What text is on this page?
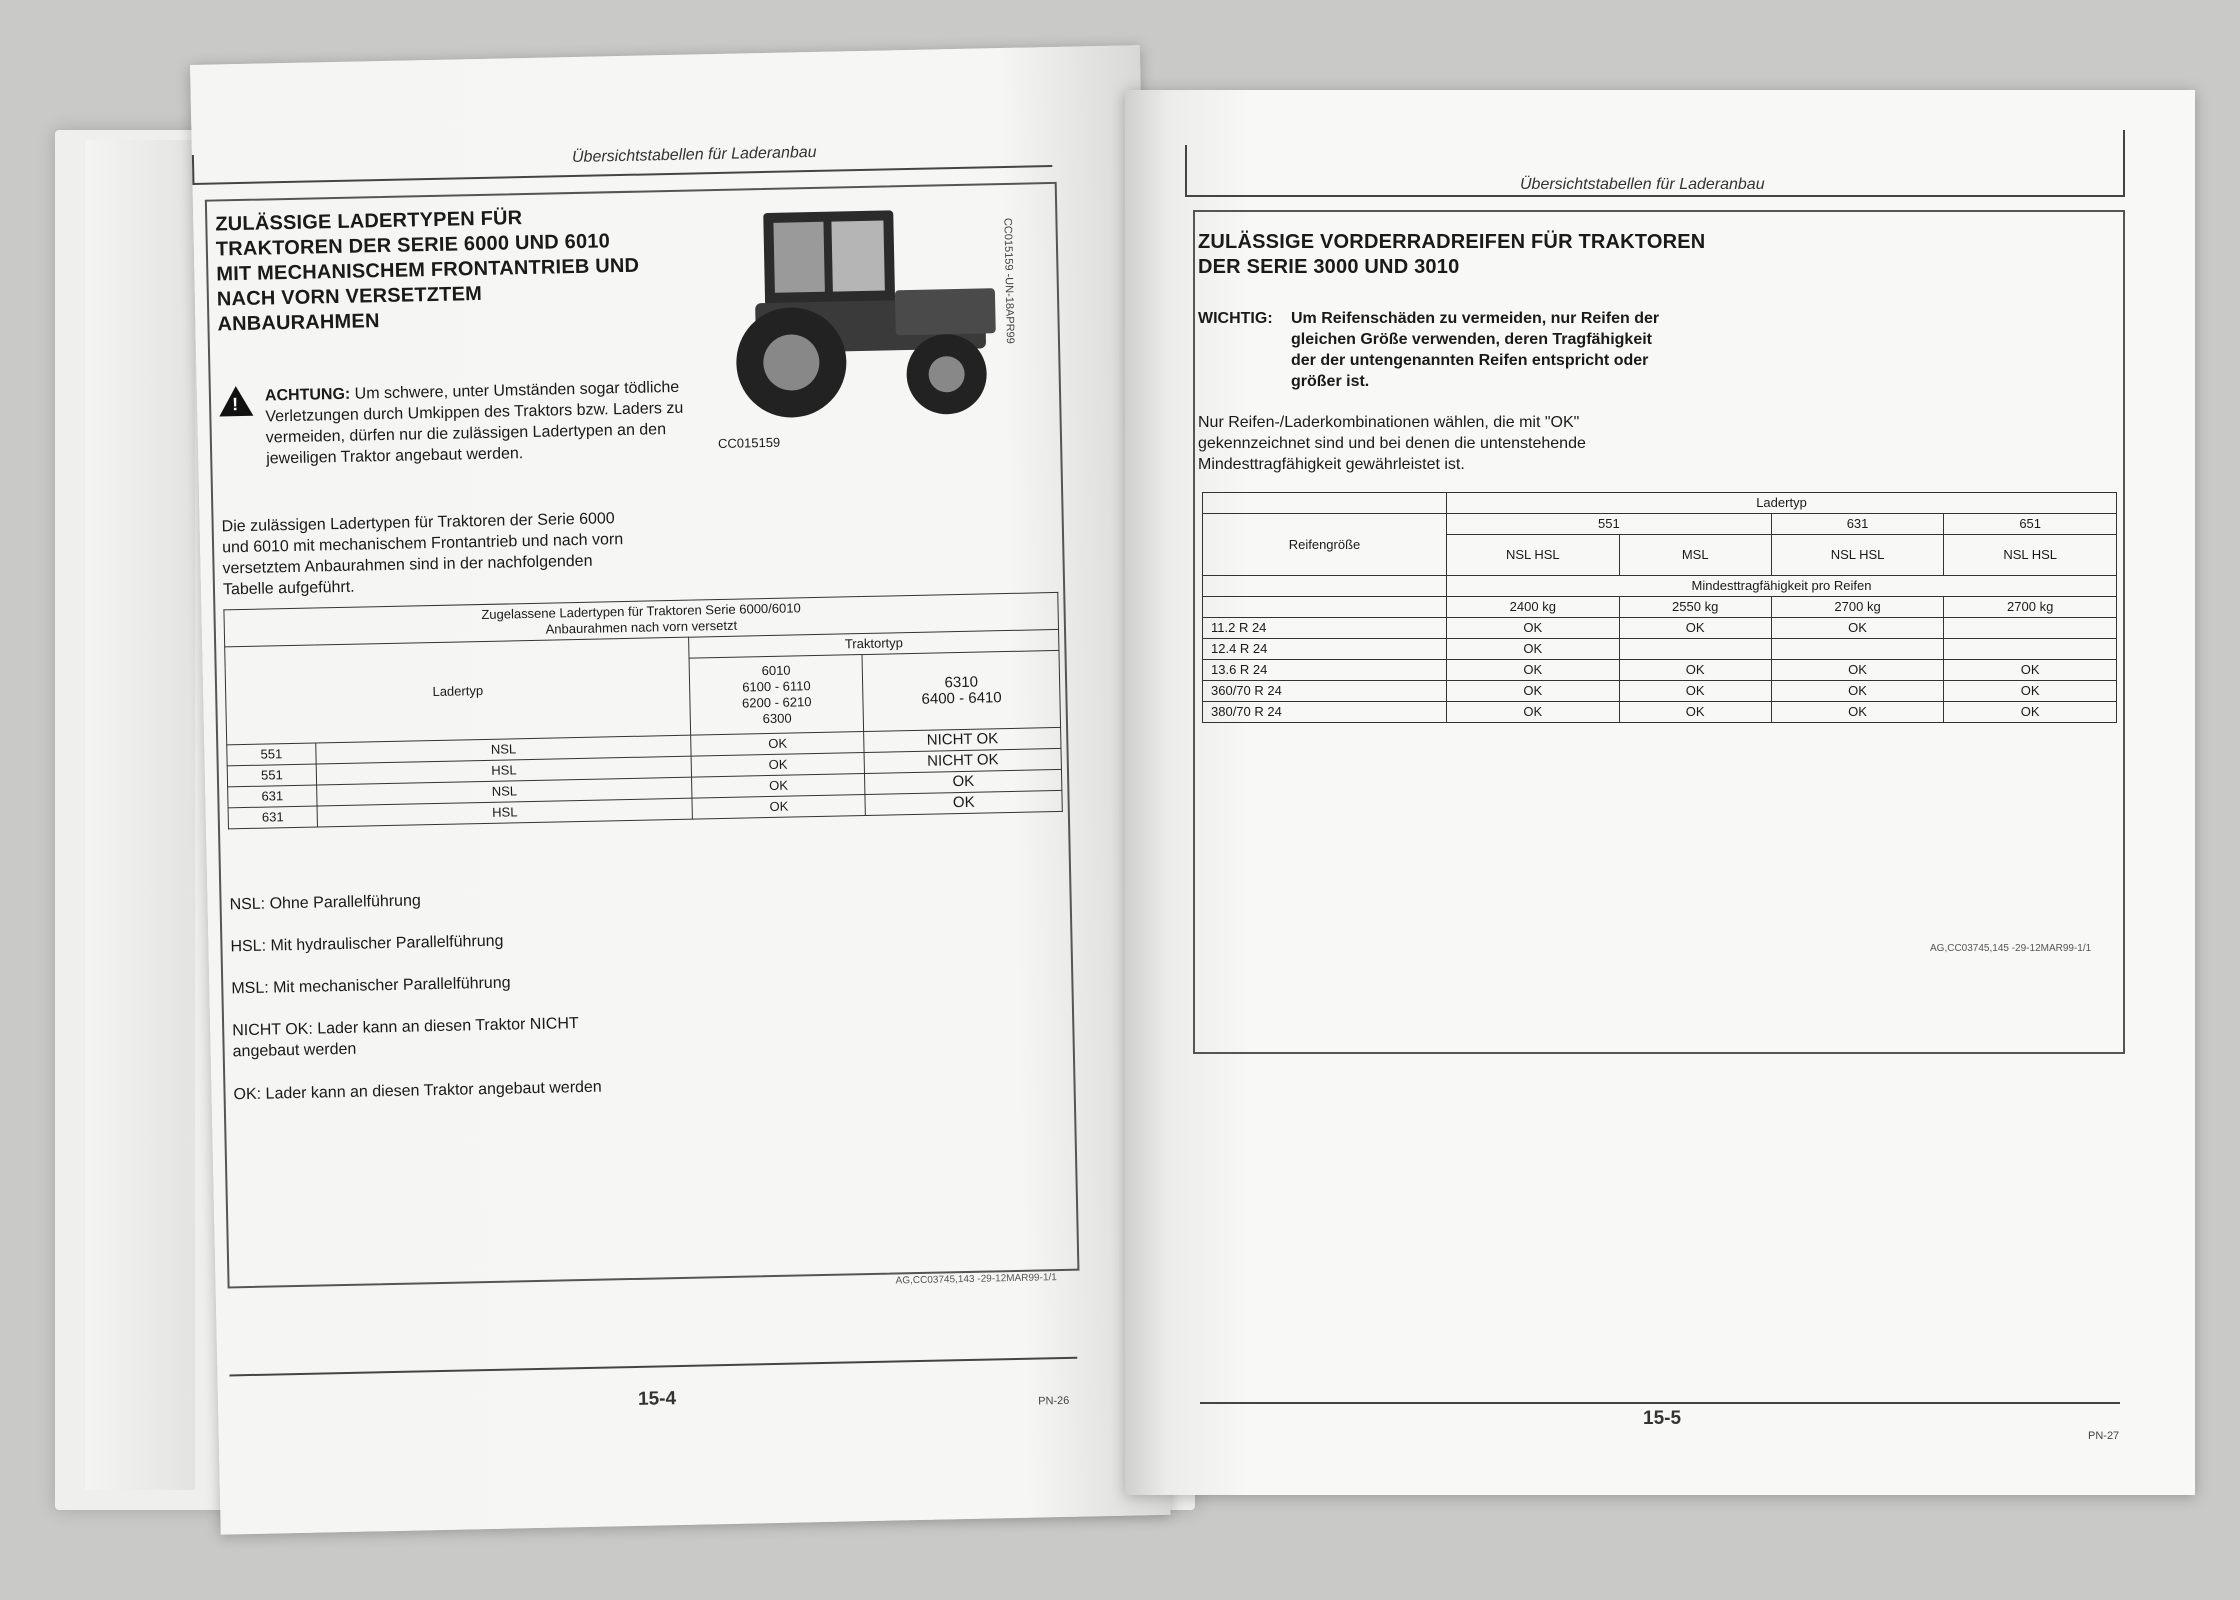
Übersichtstabellen für Laderanbau
ZULÄSSIGE LADERTYPEN FÜR TRAKTOREN DER SERIE 6000 UND 6010 MIT MECHANISCHEM FRONTANTRIEB UND NACH VORN VERSETZTEM ANBAURAHMEN
CC015159
CC015159 -UN-18APR99
!
ACHTUNG: Um schwere, unter Umständen sogar tödliche Verletzungen durch Umkippen des Traktors bzw. Laders zu vermeiden, dürfen nur die zulässigen Ladertypen an den jeweiligen Traktor angebaut werden.
Die zulässigen Ladertypen für Traktoren der Serie 6000 und 6010 mit mechanischem Frontantrieb und nach vorn versetztem Anbaurahmen sind in der nachfolgenden Tabelle aufgeführt.
Zugelassene Ladertypen für Traktoren Serie 6000/6010
Anbaurahmen nach vorn versetzt			
Ladertyp		Traktortyp	
		6010
6100 - 6110
6200 - 6210
6300	6310
6400 - 6410
551	NSL	OK	NICHT OK
551	HSL	OK	NICHT OK
631	NSL	OK	OK
631	HSL	OK	OK
NSL: Ohne Parallelführung
HSL: Mit hydraulischer Parallelführung
MSL: Mit mechanischer Parallelführung
NICHT OK: Lader kann an diesen Traktor NICHT angebaut werden
OK: Lader kann an diesen Traktor angebaut werden
AG,CC03745,143 -29-12MAR99-1/1
15-4	PN-26
Übersichtstabellen für Laderanbau
ZULÄSSIGE VORDERRADREIFEN FÜR TRAKTOREN DER SERIE 3000 UND 3010
WICHTIG: Um Reifenschäden zu vermeiden, nur Reifen der gleichen Größe verwenden, deren Tragfähigkeit der der untengenannten Reifen entspricht oder größer ist.
Nur Reifen-/Laderkombinationen wählen, die mit "OK" gekennzeichnet sind und bei denen die untenstehende Mindesttragfähigkeit gewährleistet ist.
	Ladertyp			
Reifengröße	551		631	651
	NSL HSL	MSL	NSL HSL	NSL HSL
	Mindesttragfähigkeit pro Reifen			
	2400 kg	2550 kg	2700 kg	2700 kg
11.2 R 24	OK	OK	OK	
12.4 R 24	OK			
13.6 R 24	OK	OK	OK	OK
360/70 R 24	OK	OK	OK	OK
380/70 R 24	OK	OK	OK	OK
AG,CC03745,145 -29-12MAR99-1/1
15-5
PN-27
